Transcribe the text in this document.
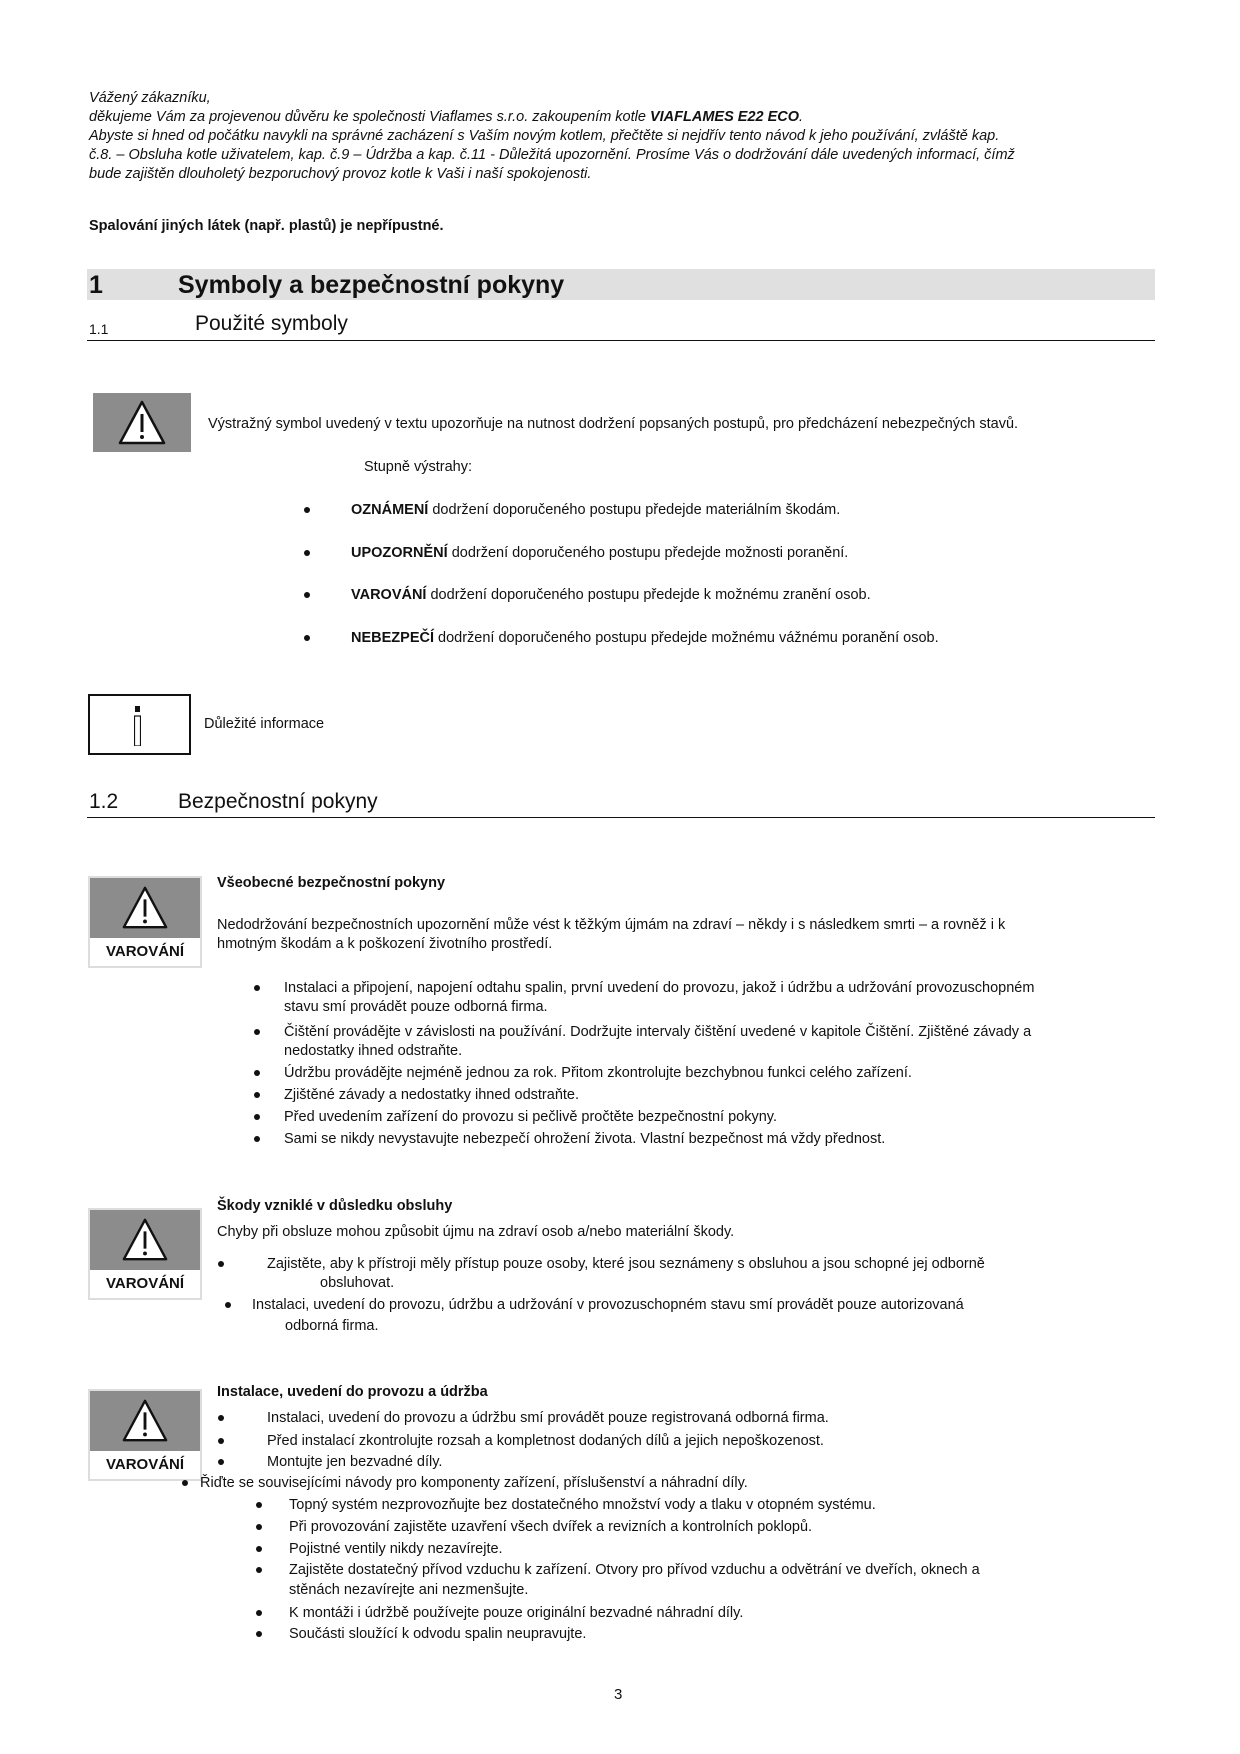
Vážený zákazníku,
děkujeme Vám za projevenou důvěru ke společnosti Viaflames s.r.o. zakoupením kotle VIAFLAMES E22 ECO.
Abyste si hned od počátku navykli na správné zacházení s Vaším novým kotlem, přečtěte si nejdřív tento návod k jeho používání, zvláště kap.
č.8. – Obsluha kotle uživatelem, kap. č.9 – Údržba a kap. č.11 - Důležitá upozornění. Prosíme Vás o dodržování dále uvedených informací, čímž
bude zajištěn dlouholetý bezporuchový provoz kotle k Vaši i naší spokojenosti.
Spalování jiných látek (např. plastů) je nepřípustné.
1	Symboly a bezpečnostní pokyny
1.1	Použité symboly
Výstražný symbol uvedený v textu upozorňuje na nutnost dodržení popsaných postupů, pro předcházení nebezpečných stavů.
Stupně výstrahy:
OZNÁMENÍ dodržení doporučeného postupu předejde materiálním škodám.
UPOZORNĚNÍ dodržení doporučeného postupu předejde možnosti poranění.
VAROVÁNÍ dodržení doporučeného postupu předejde k možnému zranění osob.
NEBEZPEČÍ dodržení doporučeného postupu předejde možnému vážnému poranění osob.
Důležité informace
1.2	Bezpečnostní pokyny
VAROVÁNÍ
Všeobecné bezpečnostní pokyny
Nedodržování bezpečnostních upozornění může vést k těžkým újmám na zdraví – někdy i s následkem smrti – a rovněž i k
hmotným škodám a k poškození životního prostředí.
Instalaci a připojení, napojení odtahu spalin, první uvedení do provozu, jakož i údržbu a udržování provozuschopném
stavu smí provádět pouze odborná firma.
Čištění provádějte v závislosti na používání. Dodržujte intervaly čištění uvedené v kapitole Čištění. Zjištěné závady a
nedostatky ihned odstraňte.
Údržbu provádějte nejméně jednou za rok. Přitom zkontrolujte bezchybnou funkci celého zařízení.
Zjištěné závady a nedostatky ihned odstraňte.
Před uvedením zařízení do provozu si pečlivě pročtěte bezpečnostní pokyny.
Sami se nikdy nevystavujte nebezpečí ohrožení života. Vlastní bezpečnost má vždy přednost.
VAROVÁNÍ
Škody vzniklé v důsledku obsluhy
Chyby při obsluze mohou způsobit újmu na zdraví osob a/nebo materiální škody.
Zajistěte, aby k přístroji měly přístup pouze osoby, které jsou seznámeny s obsluhou a jsou schopné jej odborně
obsluhovat.
Instalaci, uvedení do provozu, údržbu a udržování v provozuschopném stavu smí provádět pouze autorizovaná
odborná firma.
VAROVÁNÍ
Instalace, uvedení do provozu a údržba
Instalaci, uvedení do provozu a údržbu smí provádět pouze registrovaná odborná firma.
Před instalací zkontrolujte rozsah a kompletnost dodaných dílů a jejich nepoškozenost.
Montujte jen bezvadné díly.
Řiďte se souvisejícími návody pro komponenty zařízení, příslušenství a náhradní díly.
Topný systém nezprovozňujte bez dostatečného množství vody a tlaku v otopném systému.
Při provozování zajistěte uzavření všech dvířek a revizních a kontrolních poklopů.
Pojistné ventily nikdy nezavírejte.
Zajistěte dostatečný přívod vzduchu k zařízení. Otvory pro přívod vzduchu a odvětrání ve dveřích, oknech a
stěnách nezavírejte ani nezmenšujte.
K montáži i údržbě používejte pouze originální bezvadné náhradní díly.
Součásti sloužící k odvodu spalin neupravujte.
3
